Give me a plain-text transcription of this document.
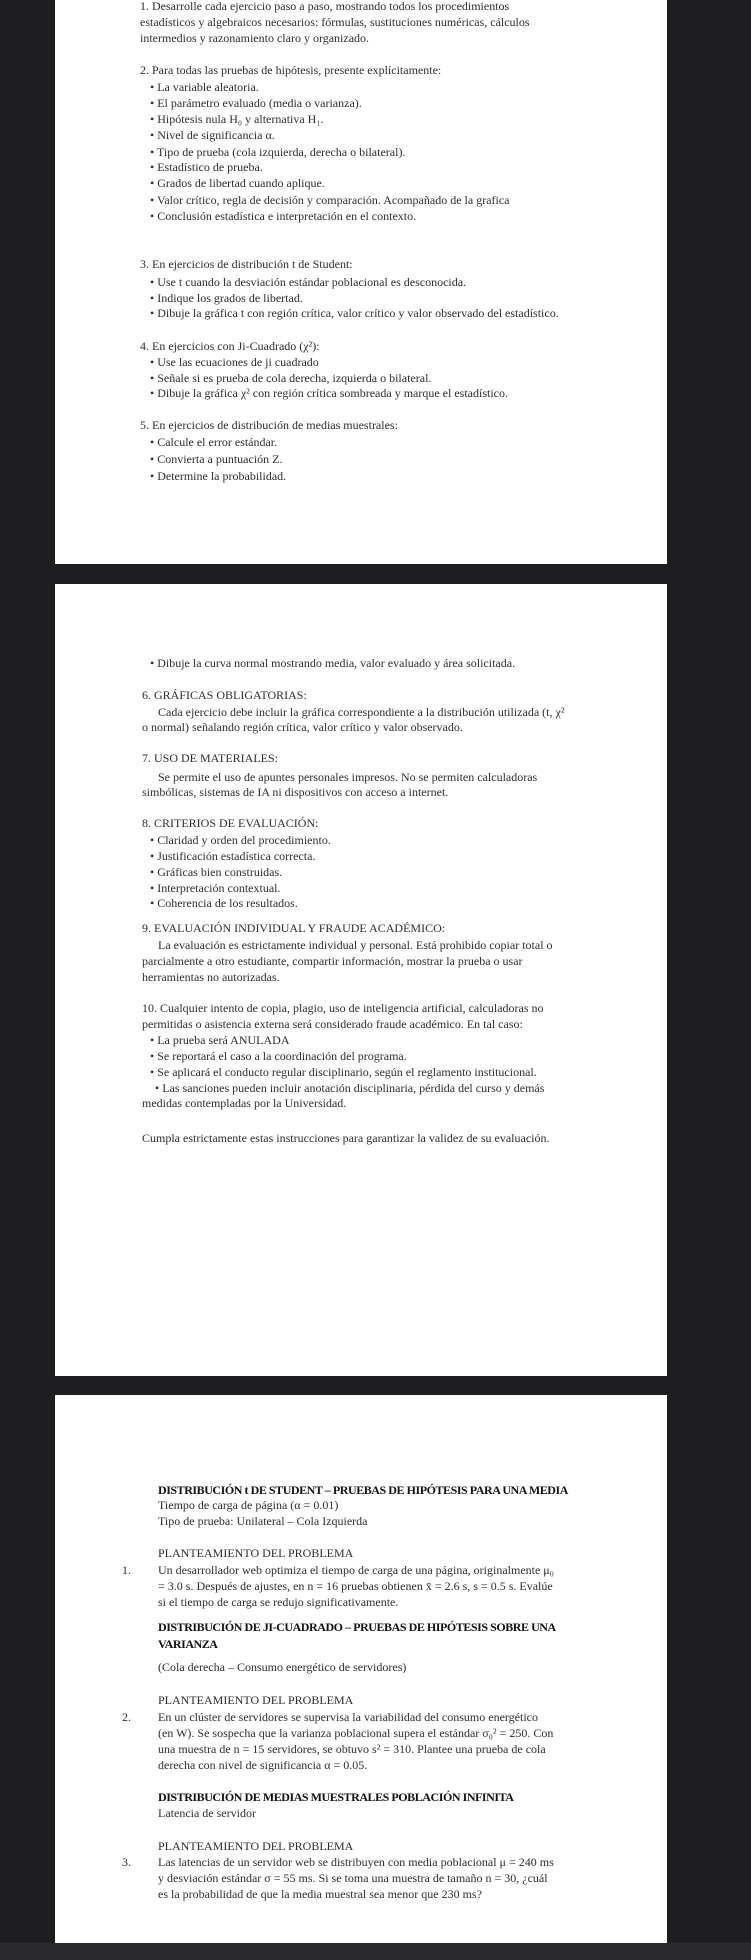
1. Desarrolle cada ejercicio paso a paso, mostrando todos los procedimientos
estadísticos y algebraicos necesarios: fórmulas, sustituciones numéricas, cálculos
intermedios y razonamiento claro y organizado.
2. Para todas las pruebas de hipótesis, presente explícitamente:
• La variable aleatoria.
• El parámetro evaluado (media o varianza).
• Hipótesis nula H₀ y alternativa H₁.
• Nivel de significancia α.
• Tipo de prueba (cola izquierda, derecha o bilateral).
• Estadístico de prueba.
• Grados de libertad cuando aplique.
• Valor crítico, regla de decisión y comparación. Acompañado de la grafica
• Conclusión estadística e interpretación en el contexto.
3. En ejercicios de distribución t de Student:
• Use t cuando la desviación estándar poblacional es desconocida.
• Indique los grados de libertad.
• Dibuje la gráfica t con región crítica, valor crítico y valor observado del estadístico.
4. En ejercicios con Ji-Cuadrado (χ²):
• Use las ecuaciones de ji cuadrado
• Señale si es prueba de cola derecha, izquierda o bilateral.
• Dibuje la gráfica χ² con región crítica sombreada y marque el estadístico.
5. En ejercicios de distribución de medias muestrales:
• Calcule el error estándar.
• Convierta a puntuación Z.
• Determine la probabilidad.
• Dibuje la curva normal mostrando media, valor evaluado y área solicitada.
6. GRÁFICAS OBLIGATORIAS:
Cada ejercicio debe incluir la gráfica correspondiente a la distribución utilizada (t, χ²
o normal) señalando región crítica, valor crítico y valor observado.
7. USO DE MATERIALES:
Se permite el uso de apuntes personales impresos. No se permiten calculadoras
simbólicas, sistemas de IA ni dispositivos con acceso a internet.
8. CRITERIOS DE EVALUACIÓN:
• Claridad y orden del procedimiento.
• Justificación estadística correcta.
• Gráficas bien construidas.
• Interpretación contextual.
• Coherencia de los resultados.
9. EVALUACIÓN INDIVIDUAL Y FRAUDE ACADÉMICO:
La evaluación es estrictamente individual y personal. Está prohibido copiar total o
parcialmente a otro estudiante, compartir información, mostrar la prueba o usar
herramientas no autorizadas.
10. Cualquier intento de copia, plagio, uso de inteligencia artificial, calculadoras no
permitidas o asistencia externa será considerado fraude académico. En tal caso:
• La prueba será ANULADA
• Se reportará el caso a la coordinación del programa.
• Se aplicará el conducto regular disciplinario, según el reglamento institucional.
• Las sanciones pueden incluir anotación disciplinaria, pérdida del curso y demás
medidas contempladas por la Universidad.
Cumpla estrictamente estas instrucciones para garantizar la validez de su evaluación.
DISTRIBUCIÓN t DE STUDENT – PRUEBAS DE HIPÓTESIS PARA UNA MEDIA
Tiempo de carga de página (α = 0.01)
Tipo de prueba: Unilateral – Cola Izquierda
PLANTEAMIENTO DEL PROBLEMA
1. Un desarrollador web optimiza el tiempo de carga de una página, originalmente μ₀
= 3.0 s. Después de ajustes, en n = 16 pruebas obtienen x̄ = 2.6 s, s = 0.5 s. Evalúe
si el tiempo de carga se redujo significativamente.
DISTRIBUCIÓN DE JI-CUADRADO – PRUEBAS DE HIPÓTESIS SOBRE UNA
VARIANZA
(Cola derecha – Consumo energético de servidores)
PLANTEAMIENTO DEL PROBLEMA
2. En un clúster de servidores se supervisa la variabilidad del consumo energético
(en W). Se sospecha que la varianza poblacional supera el estándar σ₀² = 250. Con
una muestra de n = 15 servidores, se obtuvo s² = 310. Plantee una prueba de cola
derecha con nivel de significancia α = 0.05.
DISTRIBUCIÓN DE MEDIAS MUESTRALES POBLACIÓN INFINITA
Latencia de servidor
PLANTEAMIENTO DEL PROBLEMA
3. Las latencias de un servidor web se distribuyen con media poblacional μ = 240 ms
y desviación estándar σ = 55 ms. Si se toma una muestra de tamaño n = 30, ¿cuál
es la probabilidad de que la media muestral sea menor que 230 ms?
